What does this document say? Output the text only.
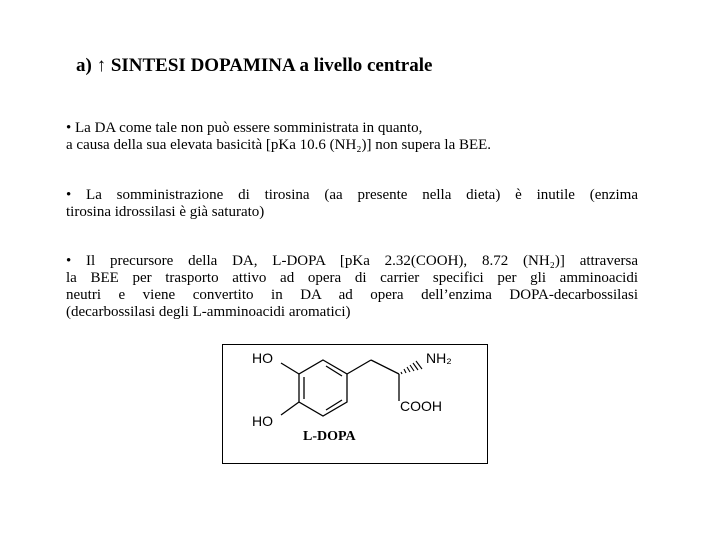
a) ↑ SINTESI DOPAMINA a livello centrale

• La DA come tale non può essere somministrata in quanto,

a causa della sua elevata basicità [pKa 10.6 (NH₂)] non supera la BEE.

• La somministrazione di tirosina (aa presente nella dieta) è inutile (enzima

tirosina idrossilasi è già saturato)

• Il precursore della DA, L-DOPA [pKa 2.32(COOH), 8.72 (NH₂)] attraversa

la BEE per trasporto attivo ad opera di carrier specifici per gli amminoacidi

neutri e viene convertito in DA ad opera dell’enzima DOPA-decarbossilasi

(decarbossilasi degli L-amminoacidi aromatici)

HO
HO
NH₂
COOH
L-DOPA
